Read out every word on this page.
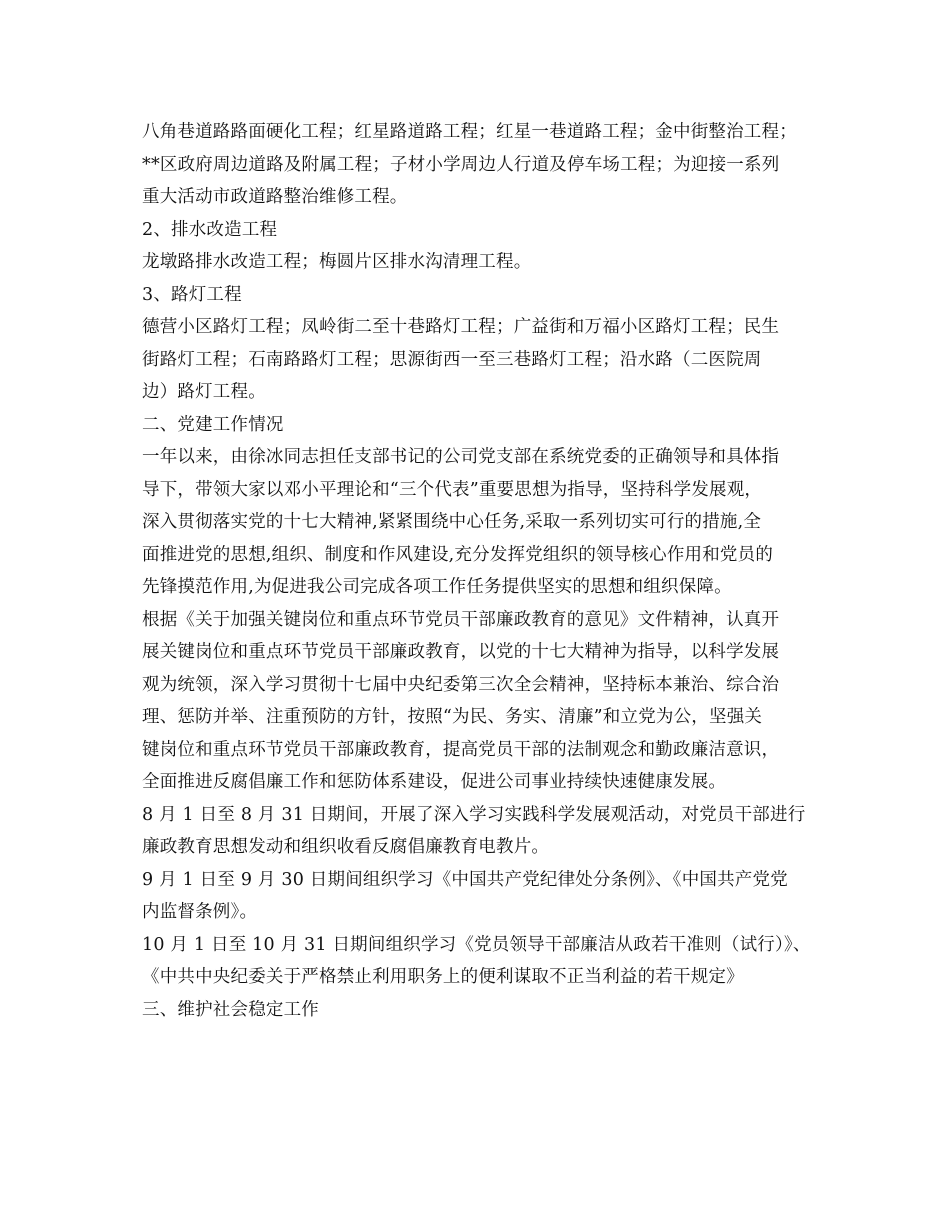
八角巷道路路面硬化工程；红星路道路工程；红星一巷道路工程；金中街整治工程；
**区政府周边道路及附属工程；子材小学周边人行道及停车场工程；为迎接一系列
重大活动市政道路整治维修工程。
2、排水改造工程
龙墩路排水改造工程；梅圆片区排水沟清理工程。
3、路灯工程
德营小区路灯工程；凤岭街二至十巷路灯工程；广益街和万福小区路灯工程；民生
街路灯工程；石南路路灯工程；思源街西一至三巷路灯工程；沿水路（二医院周
边）路灯工程。
二、党建工作情况
一年以来，由徐冰同志担任支部书记的公司党支部在系统党委的正确领导和具体指
导下，带领大家以邓小平理论和“三个代表”重要思想为指导，坚持科学发展观，
深入贯彻落实党的十七大精神,紧紧围绕中心任务,采取一系列切实可行的措施,全
面推进党的思想,组织、制度和作风建设,充分发挥党组织的领导核心作用和党员的
先锋摸范作用,为促进我公司完成各项工作任务提供坚实的思想和组织保障。
根据《关于加强关键岗位和重点环节党员干部廉政教育的意见》文件精神，认真开
展关键岗位和重点环节党员干部廉政教育，以党的十七大精神为指导，以科学发展
观为统领，深入学习贯彻十七届中央纪委第三次全会精神，坚持标本兼治、综合治
理、惩防并举、注重预防的方针，按照“为民、务实、清廉”和立党为公，坚强关
键岗位和重点环节党员干部廉政教育，提高党员干部的法制观念和勤政廉洁意识，
全面推进反腐倡廉工作和惩防体系建设，促进公司事业持续快速健康发展。
8 月 1 日至 8 月 31 日期间，开展了深入学习实践科学发展观活动，对党员干部进行
廉政教育思想发动和组织收看反腐倡廉教育电教片。
9 月 1 日至 9 月 30 日期间组织学习《中国共产党纪律处分条例》、《中国共产党党
内监督条例》。
10 月 1 日至 10 月 31 日期间组织学习《党员领导干部廉洁从政若干准则（试行）》、
《中共中央纪委关于严格禁止利用职务上的便利谋取不正当利益的若干规定》
三、维护社会稳定工作
